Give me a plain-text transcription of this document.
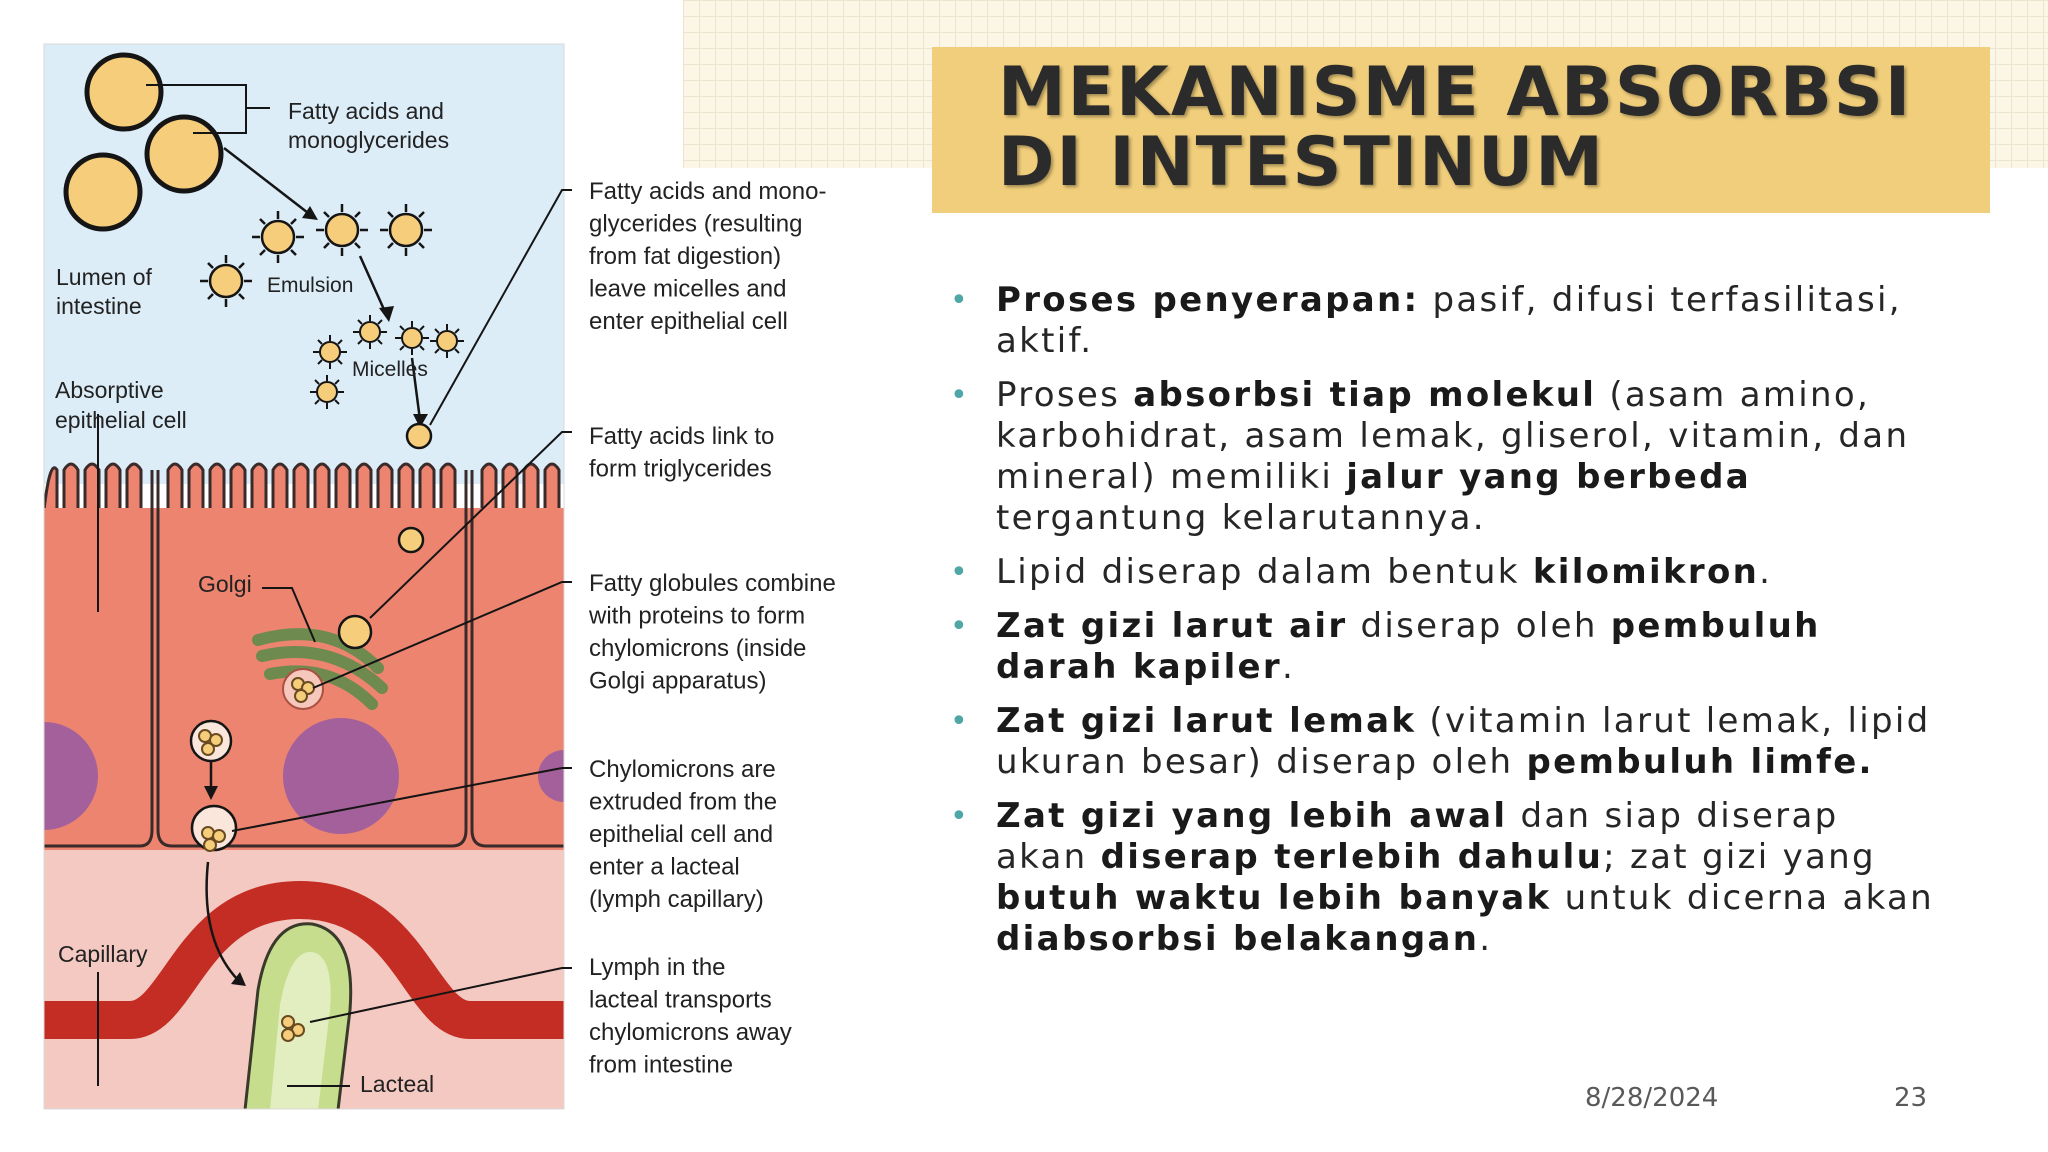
MEKANISME ABSORBSI
DI INTESTINUM
Fatty acids and
monoglycerides
Lumen of
intestine
Emulsion
Micelles
Absorptive
epithelial cell
Golgi
Capillary
Lacteal
Fatty acids and mono-
glycerides (resulting
from fat digestion)
leave micelles and
enter epithelial cell
Fatty acids link to
form triglycerides
Fatty globules combine
with proteins to form
chylomicrons (inside
Golgi apparatus)
Chylomicrons are
extruded from the
epithelial cell and
enter a lacteal
(lymph capillary)
Lymph in the
lacteal transports
chylomicrons away
from intestine
• Proses penyerapan: pasif, difusi terfasilitasi, aktif.
• Proses absorbsi tiap molekul (asam amino, karbohidrat, asam lemak, gliserol, vitamin, dan mineral) memiliki jalur yang berbeda tergantung kelarutannya.
• Lipid diserap dalam bentuk kilomikron.
• Zat gizi larut air diserap oleh pembuluh darah kapiler.
• Zat gizi larut lemak (vitamin larut lemak, lipid ukuran besar) diserap oleh pembuluh limfe.
• Zat gizi yang lebih awal dan siap diserap akan diserap terlebih dahulu; zat gizi yang butuh waktu lebih banyak untuk dicerna akan diabsorbsi belakangan.
8/28/2024	23
